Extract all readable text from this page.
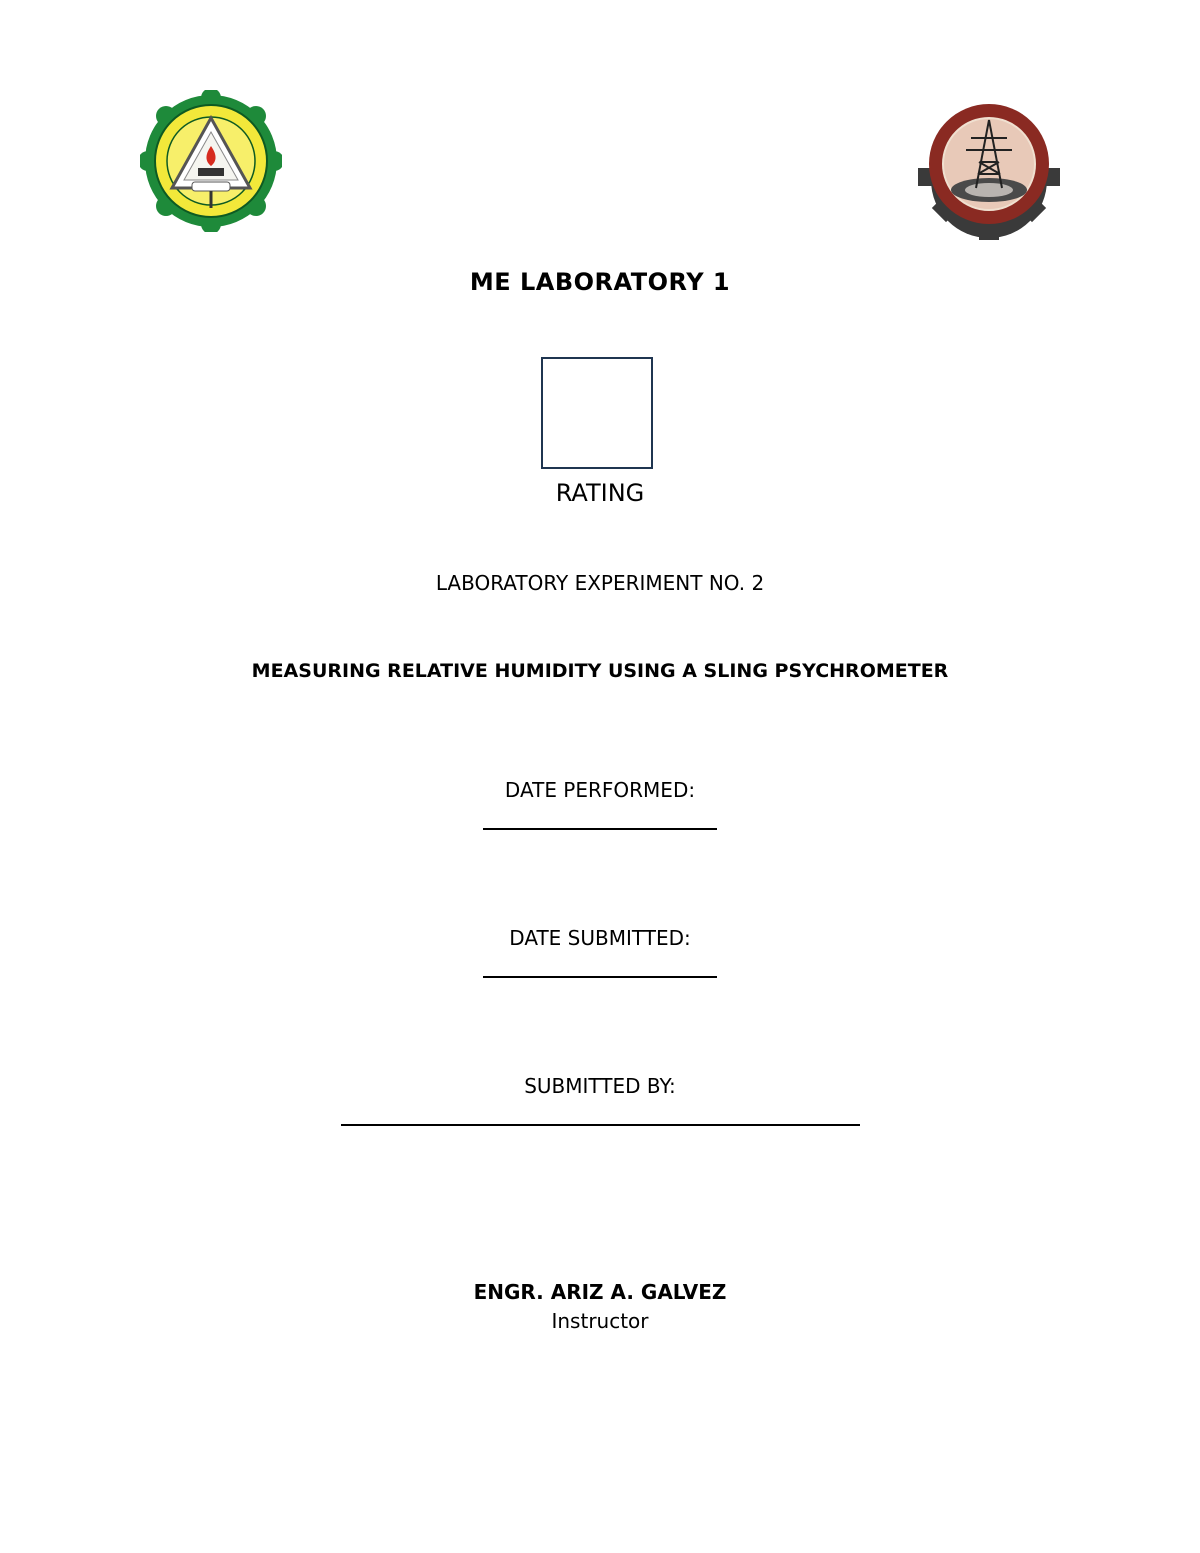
ME LABORATORY 1
RATING
LABORATORY EXPERIMENT NO. 2
MEASURING RELATIVE HUMIDITY USING A SLING PSYCHROMETER
DATE PERFORMED:
DATE SUBMITTED:
SUBMITTED BY:
ENGR. ARIZ A. GALVEZ
Instructor
